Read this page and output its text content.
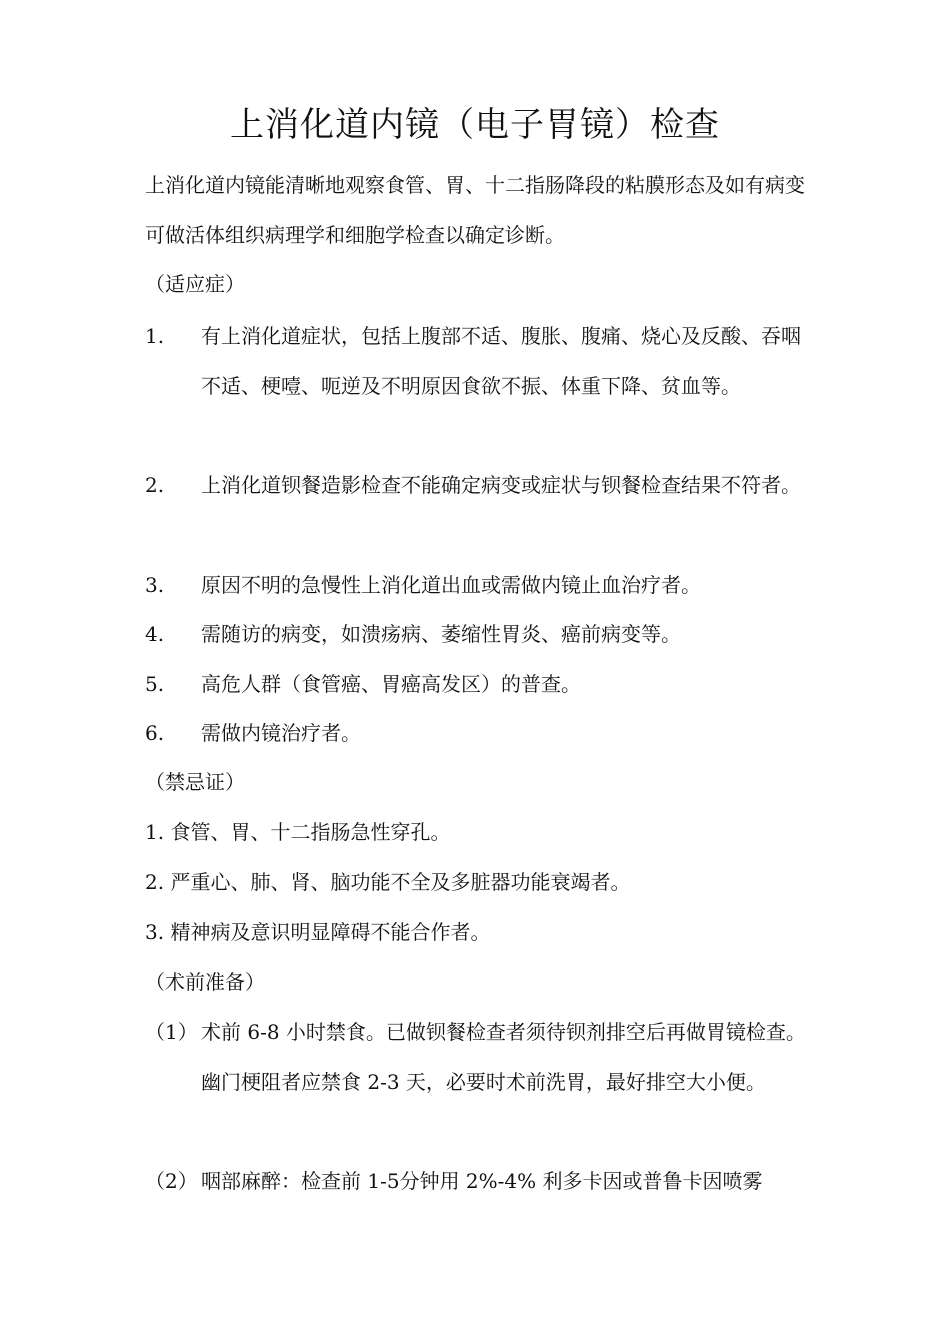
上消化道内镜（电子胃镜）检查
上消化道内镜能清晰地观察食管、胃、十二指肠降段的粘膜形态及如有病变可做活体组织病理学和细胞学检查以确定诊断。
（适应症）
1. 有上消化道症状，包括上腹部不适、腹胀、腹痛、烧心及反酸、吞咽不适、梗噎、呃逆及不明原因食欲不振、体重下降、贫血等。
2. 上消化道钡餐造影检查不能确定病变或症状与钡餐检查结果不符者。
3. 原因不明的急慢性上消化道出血或需做内镜止血治疗者。
4. 需随访的病变，如溃疡病、萎缩性胃炎、癌前病变等。
5. 高危人群（食管癌、胃癌高发区）的普查。
6. 需做内镜治疗者。
（禁忌证）
1. 食管、胃、十二指肠急性穿孔。
2. 严重心、肺、肾、脑功能不全及多脏器功能衰竭者。
3. 精神病及意识明显障碍不能合作者。
（术前准备）
（1） 术前 6-8 小时禁食。已做钡餐检查者须待钡剂排空后再做胃镜检查。幽门梗阻者应禁食 2-3 天，必要时术前洗胃，最好排空大小便。
（2） 咽部麻醉：检查前 1-5分钟用 2%-4% 利多卡因或普鲁卡因喷雾
